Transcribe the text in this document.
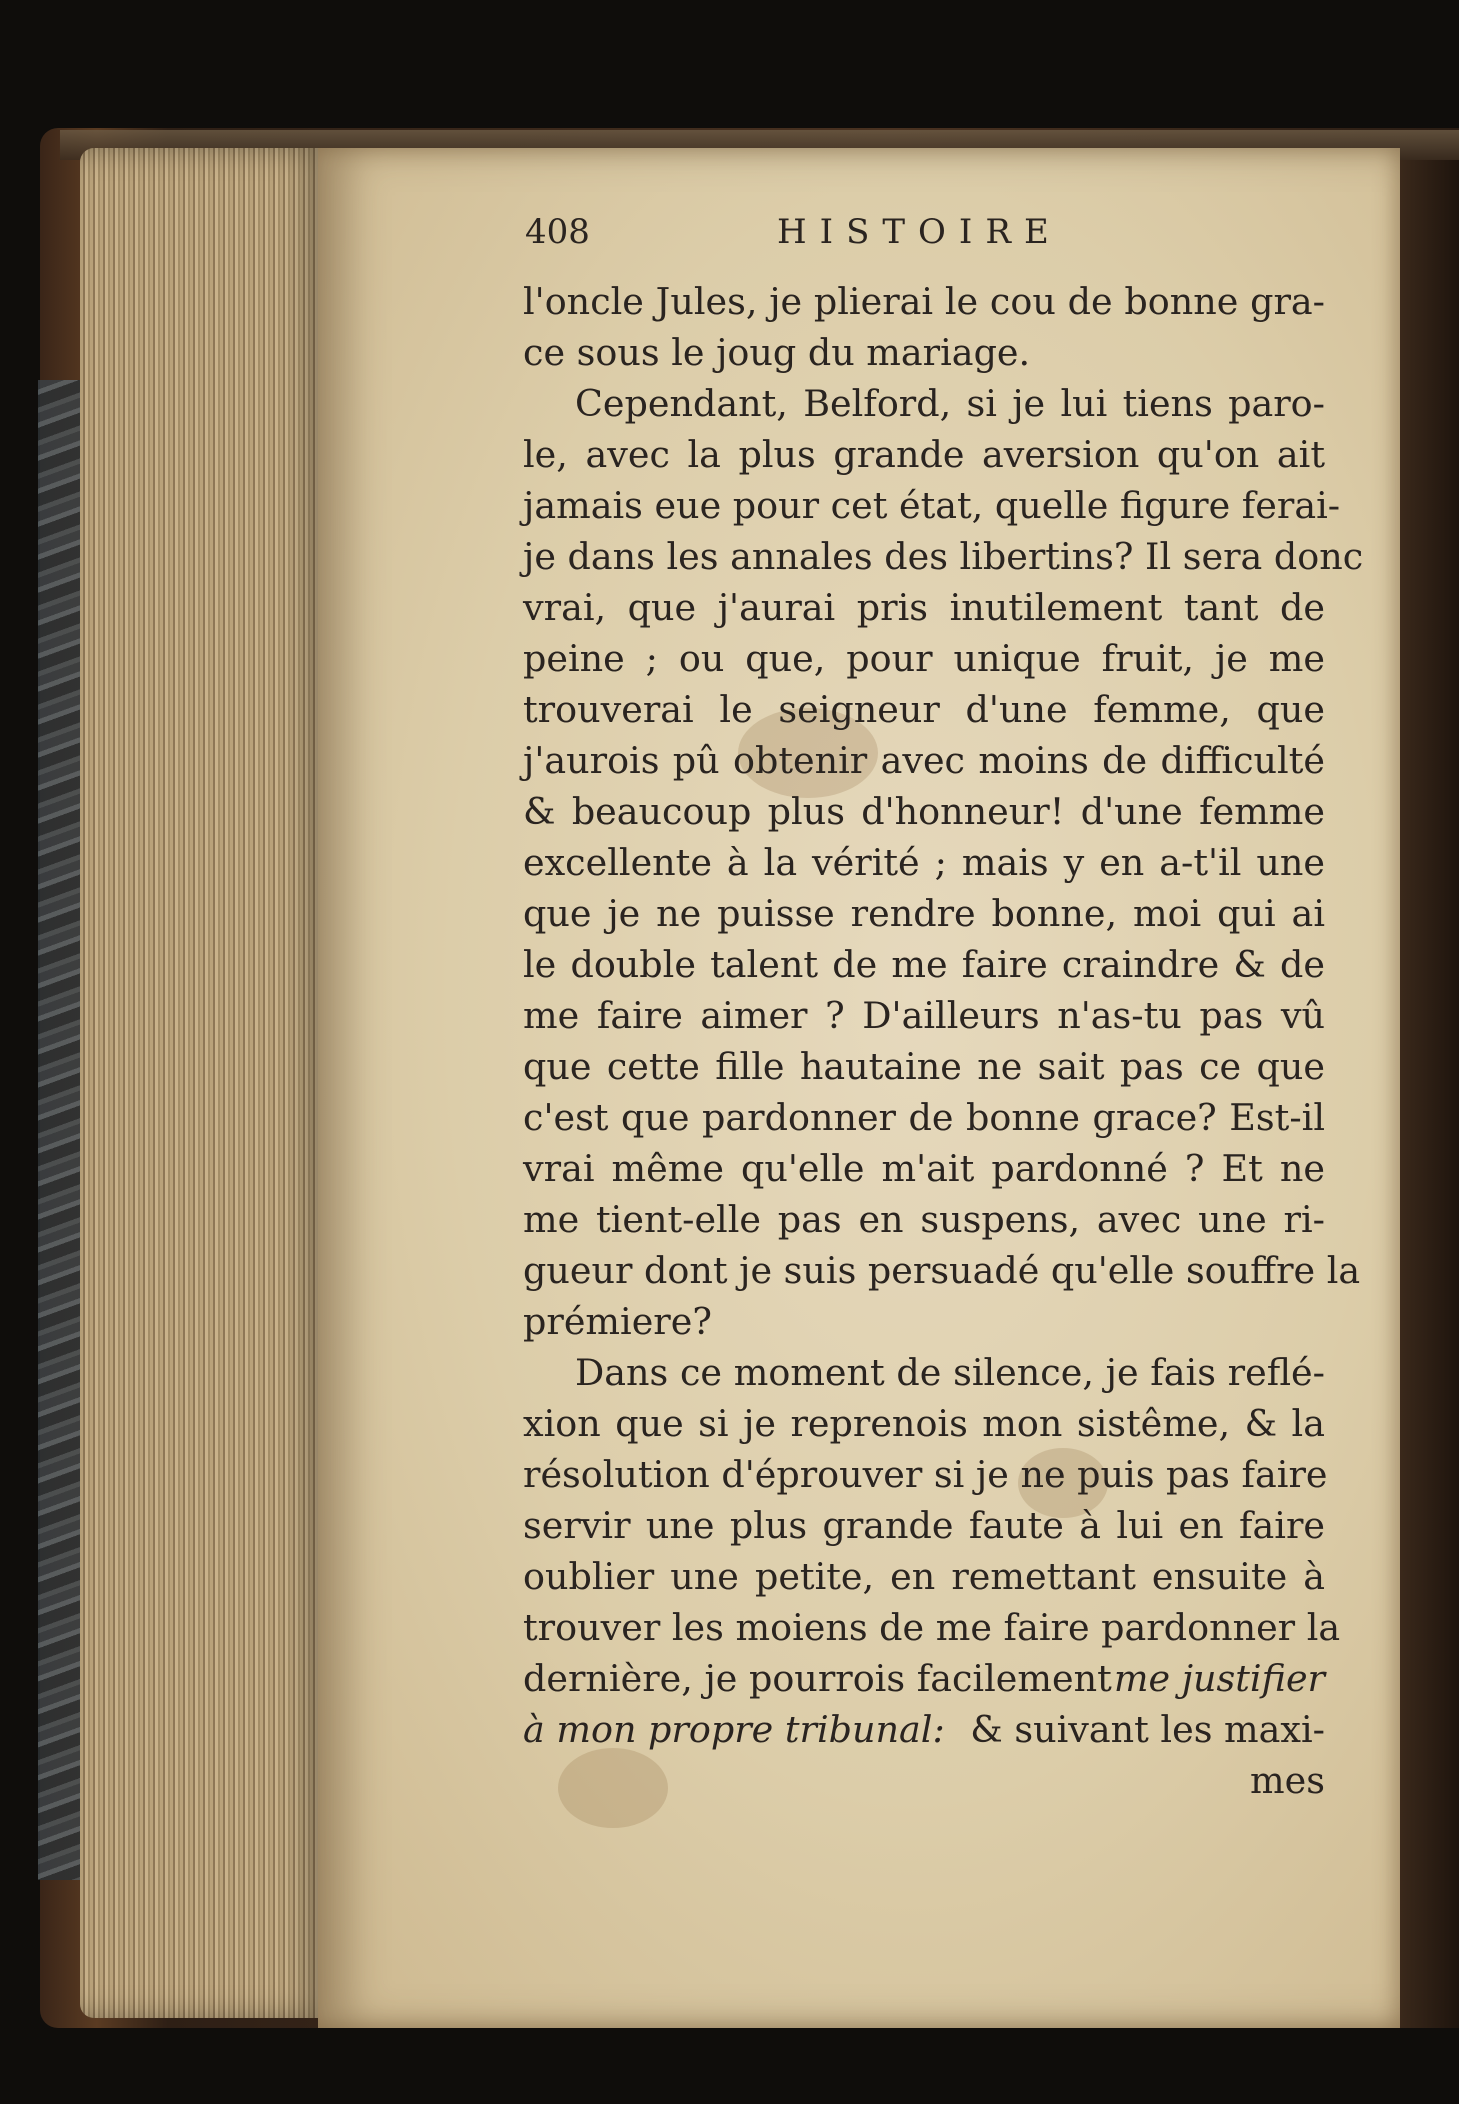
408	HISTOIRE
l'oncle Jules, je plierai le cou de bonne gra-
ce sous le joug du mariage.
Cependant, Belford, si je lui tiens paro-
le, avec la plus grande aversion qu'on ait
jamais eue pour cet état, quelle figure ferai-
je dans les annales des libertins? Il sera donc
vrai, que j'aurai pris inutilement tant de
peine ; ou que, pour unique fruit, je me
trouverai le seigneur d'une femme, que
j'aurois pû obtenir avec moins de difficulté
& beaucoup plus d'honneur! d'une femme
excellente à la vérité ; mais y en a-t'il une
que je ne puisse rendre bonne, moi qui ai
le double talent de me faire craindre & de
me faire aimer ? D'ailleurs n'as-tu pas vû
que cette fille hautaine ne sait pas ce que
c'est que pardonner de bonne grace? Est-il
vrai même qu'elle m'ait pardonné ? Et ne
me tient-elle pas en suspens, avec une ri-
gueur dont je suis persuadé qu'elle souffre la
prémiere?
Dans ce moment de silence, je fais reflé-
xion que si je reprenois mon sistême, & la
résolution d'éprouver si je ne puis pas faire
servir une plus grande faute à lui en faire
oublier une petite, en remettant ensuite à
trouver les moiens de me faire pardonner la
dernière, je pourrois facilement me justifier
à mon propre tribunal: & suivant les maxi-
mes
